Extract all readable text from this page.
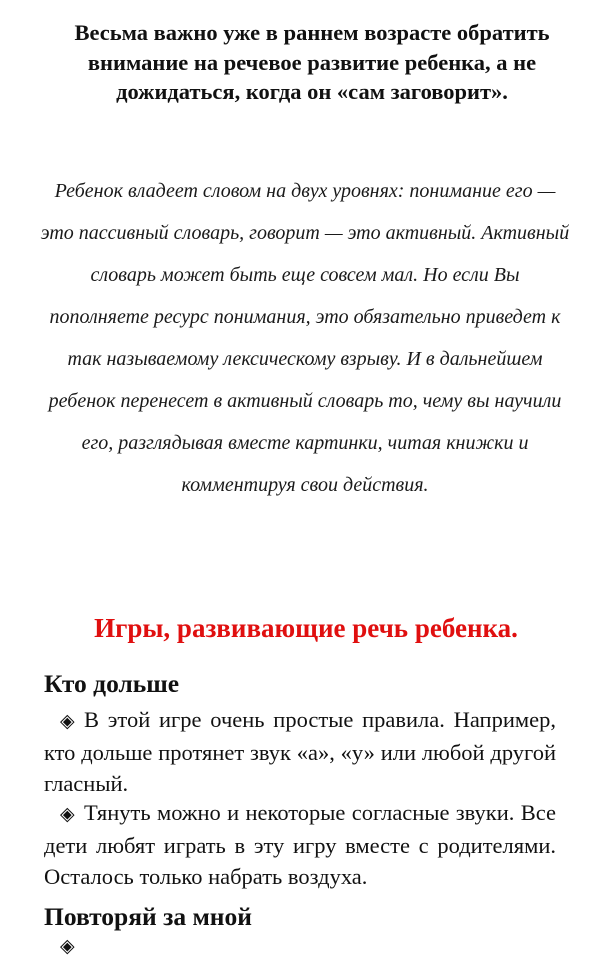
Весьма важно уже в раннем возрасте обратить внимание на речевое развитие ребенка, а не дожидаться, когда он «сам заговорит».
Ребенок владеет словом на двух уровнях: понимание его — это пассивный словарь, говорит — это активный. Активный словарь может быть еще совсем мал. Но если Вы пополняете ресурс понимания, это обязательно приведет к так называемому лексическому взрыву. И в дальнейшем ребенок перенесет в активный словарь то, чему вы научили его, разглядывая вместе картинки, читая книжки и комментируя свои действия.
Игры, развивающие речь ребенка.
Кто дольше
◈ В этой игре очень простые правила. Например, кто дольше протянет звук «а», «у» или любой другой гласный.
◈ Тянуть можно и некоторые согласные звуки. Все дети любят играть в эту игру вместе с родителями. Осталось только набрать воздуха.
Повторяй за мной
◈
